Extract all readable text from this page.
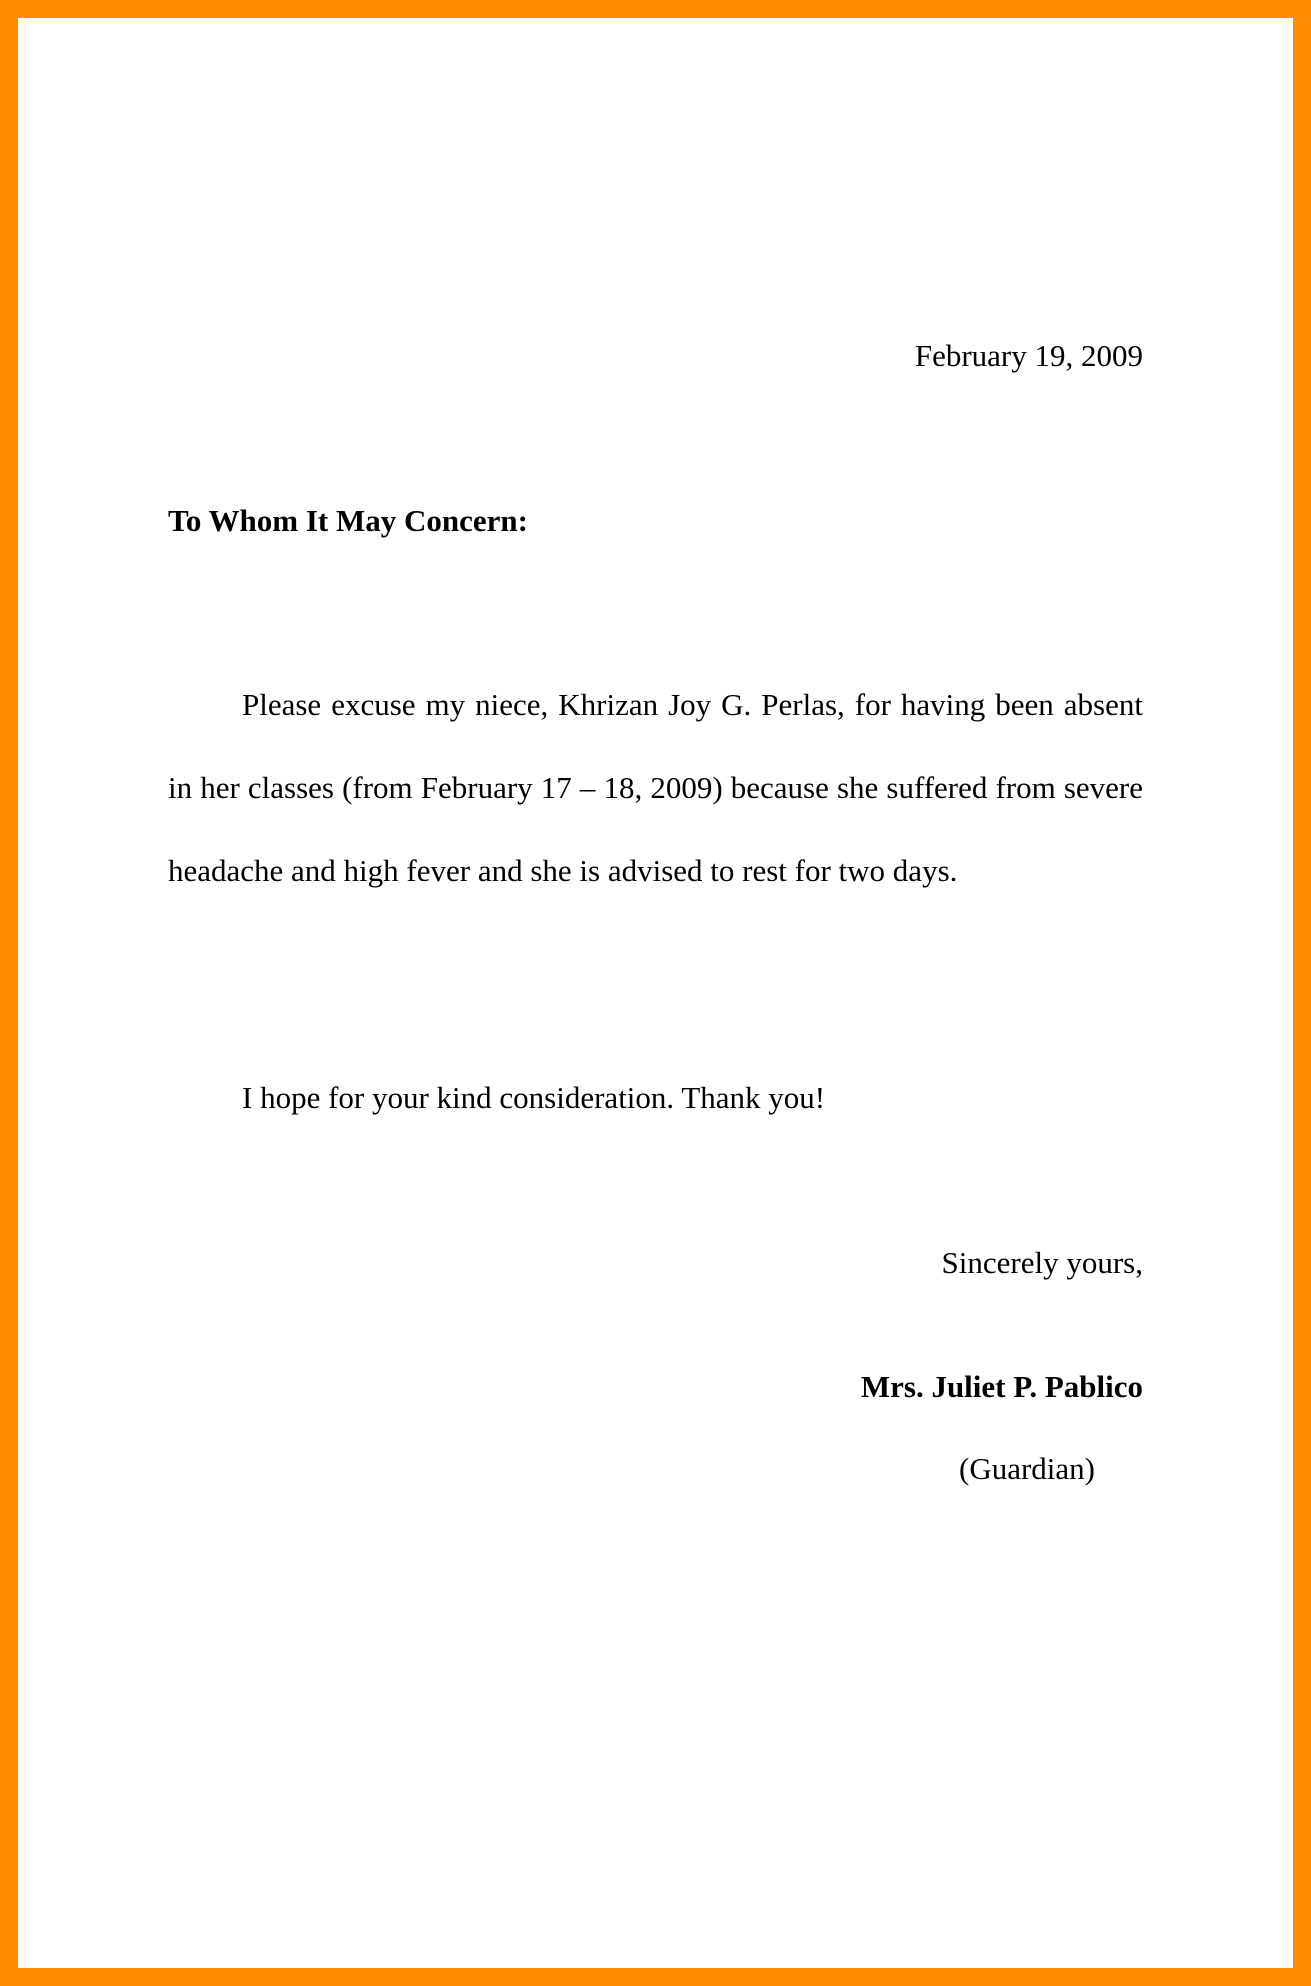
February 19, 2009
To Whom It May Concern:

Please excuse my niece, Khrizan Joy G. Perlas, for having been absent in her classes (from February 17 – 18, 2009) because she suffered from severe headache and high fever and she is advised to rest for two days.

I hope for your kind consideration. Thank you!

Sincerely yours,
Mrs. Juliet P. Pablico
(Guardian)
